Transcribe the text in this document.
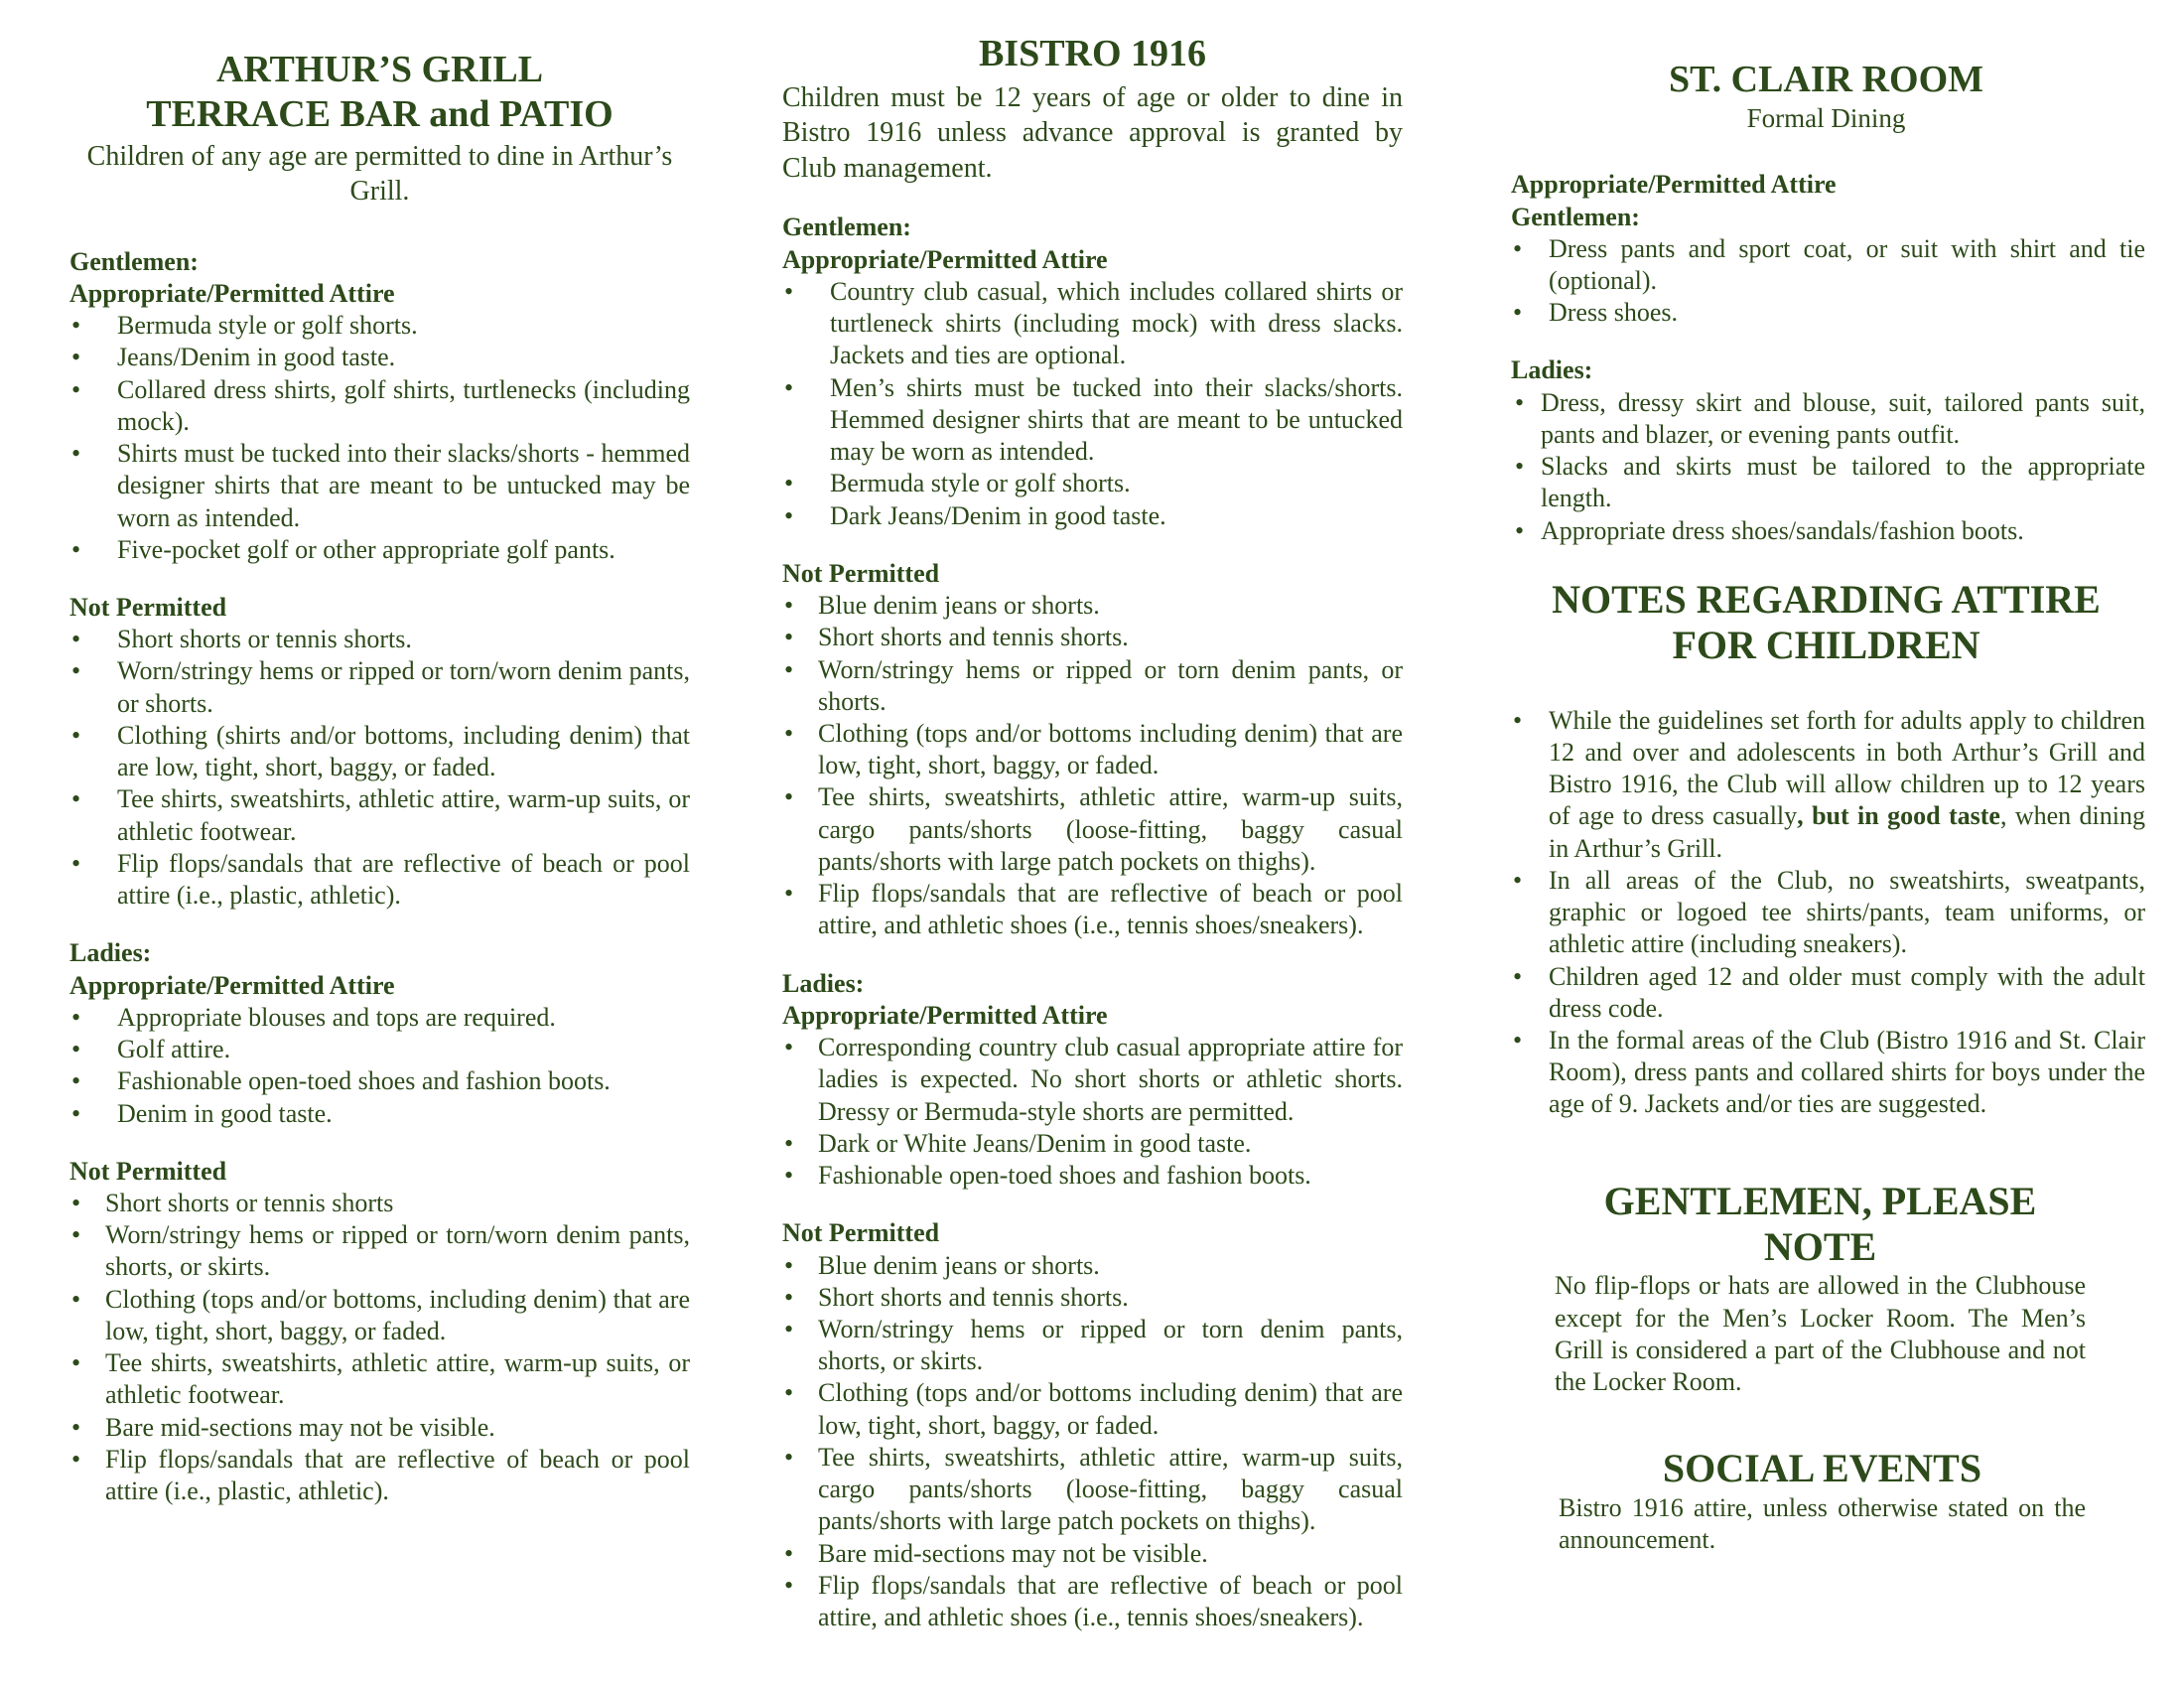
ARTHUR’S GRILL

TERRACE BAR and PATIO

Children of any age are permitted to dine in Arthur’s Grill.

Gentlemen:

Appropriate/Permitted Attire

• Bermuda style or golf shorts.
• Jeans/Denim in good taste.
• Collared dress shirts, golf shirts, turtlenecks (including mock).
• Shirts must be tucked into their slacks/shorts - hemmed designer shirts that are meant to be untucked may be worn as intended.
• Five-pocket golf or other appropriate golf pants.

Not Permitted

• Short shorts or tennis shorts.
• Worn/stringy hems or ripped or torn/worn denim pants, or shorts.
• Clothing (shirts and/or bottoms, including denim) that are low, tight, short, baggy, or faded.
• Tee shirts, sweatshirts, athletic attire, warm-up suits, or athletic footwear.
• Flip flops/sandals that are reflective of beach or pool attire (i.e., plastic, athletic).

Ladies:

Appropriate/Permitted Attire

• Appropriate blouses and tops are required.
• Golf attire.
• Fashionable open-toed shoes and fashion boots.
• Denim in good taste.

Not Permitted

• Short shorts or tennis shorts
• Worn/stringy hems or ripped or torn/worn denim pants, shorts, or skirts.
• Clothing (tops and/or bottoms, including denim) that are low, tight, short, baggy, or faded.
• Tee shirts, sweatshirts, athletic attire, warm-up suits, or athletic footwear.
• Bare mid-sections may not be visible.
• Flip flops/sandals that are reflective of beach or pool attire (i.e., plastic, athletic).

BISTRO 1916

Children must be 12 years of age or older to dine in Bistro 1916 unless advance approval is granted by Club management.

Gentlemen:

Appropriate/Permitted Attire

• Country club casual, which includes collared shirts or turtleneck shirts (including mock) with dress slacks. Jackets and ties are optional.
• Men’s shirts must be tucked into their slacks/shorts. Hemmed designer shirts that are meant to be untucked may be worn as intended.
• Bermuda style or golf shorts.
• Dark Jeans/Denim in good taste.

Not Permitted

• Blue denim jeans or shorts.
• Short shorts and tennis shorts.
• Worn/stringy hems or ripped or torn denim pants, or shorts.
• Clothing (tops and/or bottoms including denim) that are low, tight, short, baggy, or faded.
• Tee shirts, sweatshirts, athletic attire, warm-up suits, cargo pants/shorts (loose-fitting, baggy casual pants/shorts with large patch pockets on thighs).
• Flip flops/sandals that are reflective of beach or pool attire, and athletic shoes (i.e., tennis shoes/sneakers).

Ladies:

Appropriate/Permitted Attire

• Corresponding country club casual appropriate attire for ladies is expected. No short shorts or athletic shorts. Dressy or Bermuda-style shorts are permitted.
• Dark or White Jeans/Denim in good taste.
• Fashionable open-toed shoes and fashion boots.

Not Permitted

• Blue denim jeans or shorts.
• Short shorts and tennis shorts.
• Worn/stringy hems or ripped or torn denim pants, shorts, or skirts.
• Clothing (tops and/or bottoms including denim) that are low, tight, short, baggy, or faded.
• Tee shirts, sweatshirts, athletic attire, warm-up suits, cargo pants/shorts (loose-fitting, baggy casual pants/shorts with large patch pockets on thighs).
• Bare mid-sections may not be visible.
• Flip flops/sandals that are reflective of beach or pool attire, and athletic shoes (i.e., tennis shoes/sneakers).

ST. CLAIR ROOM

Formal Dining

Appropriate/Permitted Attire

Gentlemen:

• Dress pants and sport coat, or suit with shirt and tie (optional).
• Dress shoes.

Ladies:

• Dress, dressy skirt and blouse, suit, tailored pants suit, pants and blazer, or evening pants outfit.
• Slacks and skirts must be tailored to the appropriate length.
• Appropriate dress shoes/sandals/fashion boots.

NOTES REGARDING ATTIRE

FOR CHILDREN

• While the guidelines set forth for adults apply to children 12 and over and adolescents in both Arthur’s Grill and Bistro 1916, the Club will allow children up to 12 years of age to dress casually, but in good taste, when dining in Arthur’s Grill.
• In all areas of the Club, no sweatshirts, sweatpants, graphic or logoed tee shirts/pants, team uniforms, or athletic attire (including sneakers).
• Children aged 12 and older must comply with the adult dress code.
• In the formal areas of the Club (Bistro 1916 and St. Clair Room), dress pants and collared shirts for boys under the age of 9. Jackets and/or ties are suggested.

GENTLEMEN, PLEASE NOTE

No flip-flops or hats are allowed in the Clubhouse except for the Men’s Locker Room. The Men’s Grill is considered a part of the Clubhouse and not the Locker Room.

SOCIAL EVENTS

Bistro 1916 attire, unless otherwise stated on the announcement.
